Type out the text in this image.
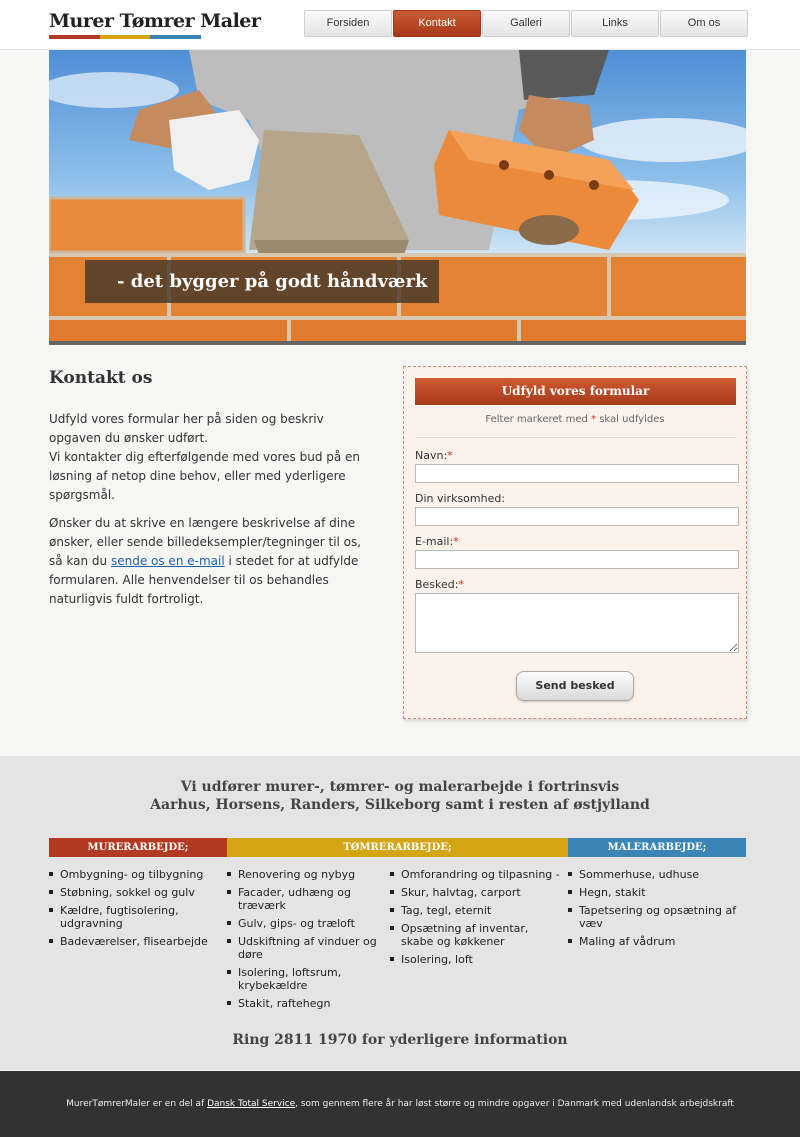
Murer Tømrer Maler	Forsiden	Kontakt	Galleri	Links	Om os
- det bygger på godt håndværk
Kontakt os

Udfyld vores formular her på siden og beskriv opgaven du ønsker udført.
Vi kontakter dig efterfølgende med vores bud på en løsning af netop dine behov, eller med yderligere spørgsmål.

Ønsker du at skrive en længere beskrivelse af dine ønsker, eller sende billedeksempler/tegninger til os, så kan du sende os en e-mail i stedet for at udfylde formularen. Alle henvendelser til os behandles naturligvis fuldt fortroligt.

Udfyld vores formular
Felter markeret med * skal udfyldes
Navn:*
Din virksomhed:
E-mail:*
Besked:*
Send besked
Vi udfører murer-, tømrer- og malerarbejde i fortrinsvis
Aarhus, Horsens, Randers, Silkeborg samt i resten af østjylland
MURERARBEJDE;	TØMRERARBEJDE;	MALERARBEJDE;
Ombygning- og tilbygning
Støbning, sokkel og gulv
Kældre, fugtisolering, udgravning
Badeværelser, flisearbejde
Renovering og nybyg
Facader, udhæng og træværk
Gulv, gips- og træloft
Udskiftning af vinduer og døre
Isolering, loftsrum, krybekældre
Stakit, raftehegn
Omforandring og tilpasning -
Skur, halvtag, carport
Tag, tegl, eternit
Opsætning af inventar, skabe og køkkener
Isolering, loft
Sommerhuse, udhuse
Hegn, stakit
Tapetsering og opsætning af væv
Maling af vådrum
Ring 2811 1970 for yderligere information
MurerTømrerMaler er en del af Dansk Total Service, som gennem flere år har løst større og mindre opgaver i Danmark med udenlandsk arbejdskraft
